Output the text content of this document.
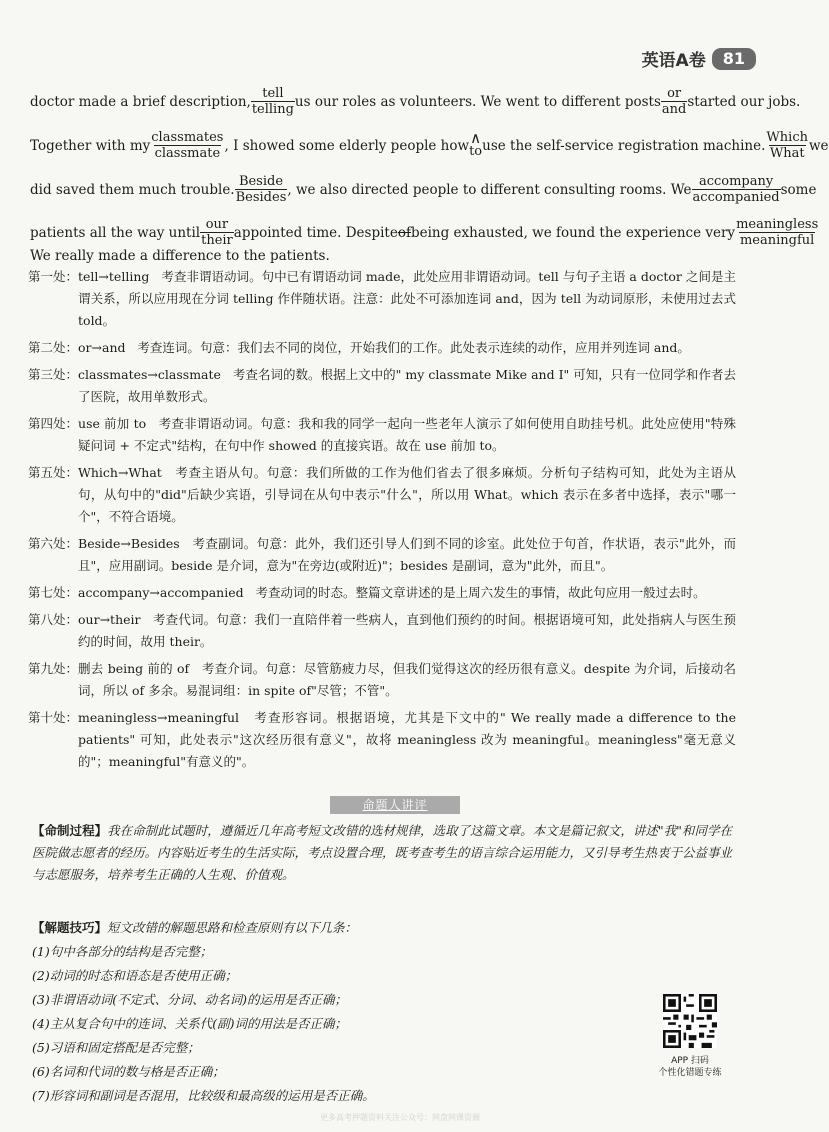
英语A卷	81
doctor made a brief description, tell
telling us our roles as volunteers. We went to different posts or
and started our jobs.
Together with my classmates
classmate , I showed some elderly people how ∧
to use the self-service registration machine. Which
What we
did saved them much trouble. Beside
Besides , we also directed people to different consulting rooms. We accompany
accompanied some
patients all the way until our
their appointed time. Despite of being exhausted, we found the experience very meaningless
meaningful
We really made a difference to the patients.
第一处： tell→telling 考查非谓语动词。句中已有谓语动词 made，此处应用非谓语动词。tell 与句子主语 a doctor 之间是主谓关系，所以应用现在分词 telling 作伴随状语。注意：此处不可添加连词 and，因为 tell 为动词原形，未使用过去式 told。
第二处： or→and 考查连词。句意：我们去不同的岗位，开始我们的工作。此处表示连续的动作，应用并列连词 and。
第三处： classmates→classmate 考查名词的数。根据上文中的" my classmate Mike and I" 可知，只有一位同学和作者去了医院，故用单数形式。
第四处： use 前加 to 考查非谓语动词。句意：我和我的同学一起向一些老年人演示了如何使用自助挂号机。此处应使用"特殊疑问词 + 不定式"结构，在句中作 showed 的直接宾语。故在 use 前加 to。
第五处： Which→What 考查主语从句。句意：我们所做的工作为他们省去了很多麻烦。分析句子结构可知，此处为主语从句，从句中的"did"后缺少宾语，引导词在从句中表示"什么"，所以用 What。which 表示在多者中选择，表示"哪一个"，不符合语境。
第六处： Beside→Besides 考查副词。句意：此外，我们还引导人们到不同的诊室。此处位于句首，作状语，表示"此外，而且"，应用副词。beside 是介词，意为"在旁边(或附近)"；besides 是副词，意为"此外，而且"。
第七处： accompany→accompanied 考查动词的时态。整篇文章讲述的是上周六发生的事情，故此句应用一般过去时。
第八处： our→their 考查代词。句意：我们一直陪伴着一些病人，直到他们预约的时间。根据语境可知，此处指病人与医生预约的时间，故用 their。
第九处： 删去 being 前的 of 考查介词。句意：尽管筋疲力尽，但我们觉得这次的经历很有意义。despite 为介词，后接动名词，所以 of 多余。易混词组：in spite of"尽管；不管"。
第十处： meaningless→meaningful 考查形容词。根据语境，尤其是下文中的" We really made a difference to the patients" 可知，此处表示"这次经历很有意义"，故将 meaningless 改为 meaningful。meaningless"毫无意义的"；meaningful"有意义的"。
命题人讲评

【命制过程】我在命制此试题时，遵循近几年高考短文改错的选材规律，选取了这篇文章。本文是篇记叙文，讲述"我"和同学在医院做志愿者的经历。内容贴近考生的生活实际，考点设置合理，既考查考生的语言综合运用能力，又引导考生热衷于公益事业与志愿服务，培养考生正确的人生观、价值观。

【解题技巧】短文改错的解题思路和检查原则有以下几条：
(1)句中各部分的结构是否完整；
(2)动词的时态和语态是否使用正确；
(3)非谓语动词(不定式、分词、动名词)的运用是否正确；
(4)主从复合句中的连词、关系代(副)词的用法是否正确；
(5)习语和固定搭配是否完整；
(6)名词和代词的数与格是否正确；
(7)形容词和副词是否混用，比较级和最高级的运用是否正确。
APP 扫码
个性化错题专练
更多高考押题资料关注公众号：网盘网课资源
